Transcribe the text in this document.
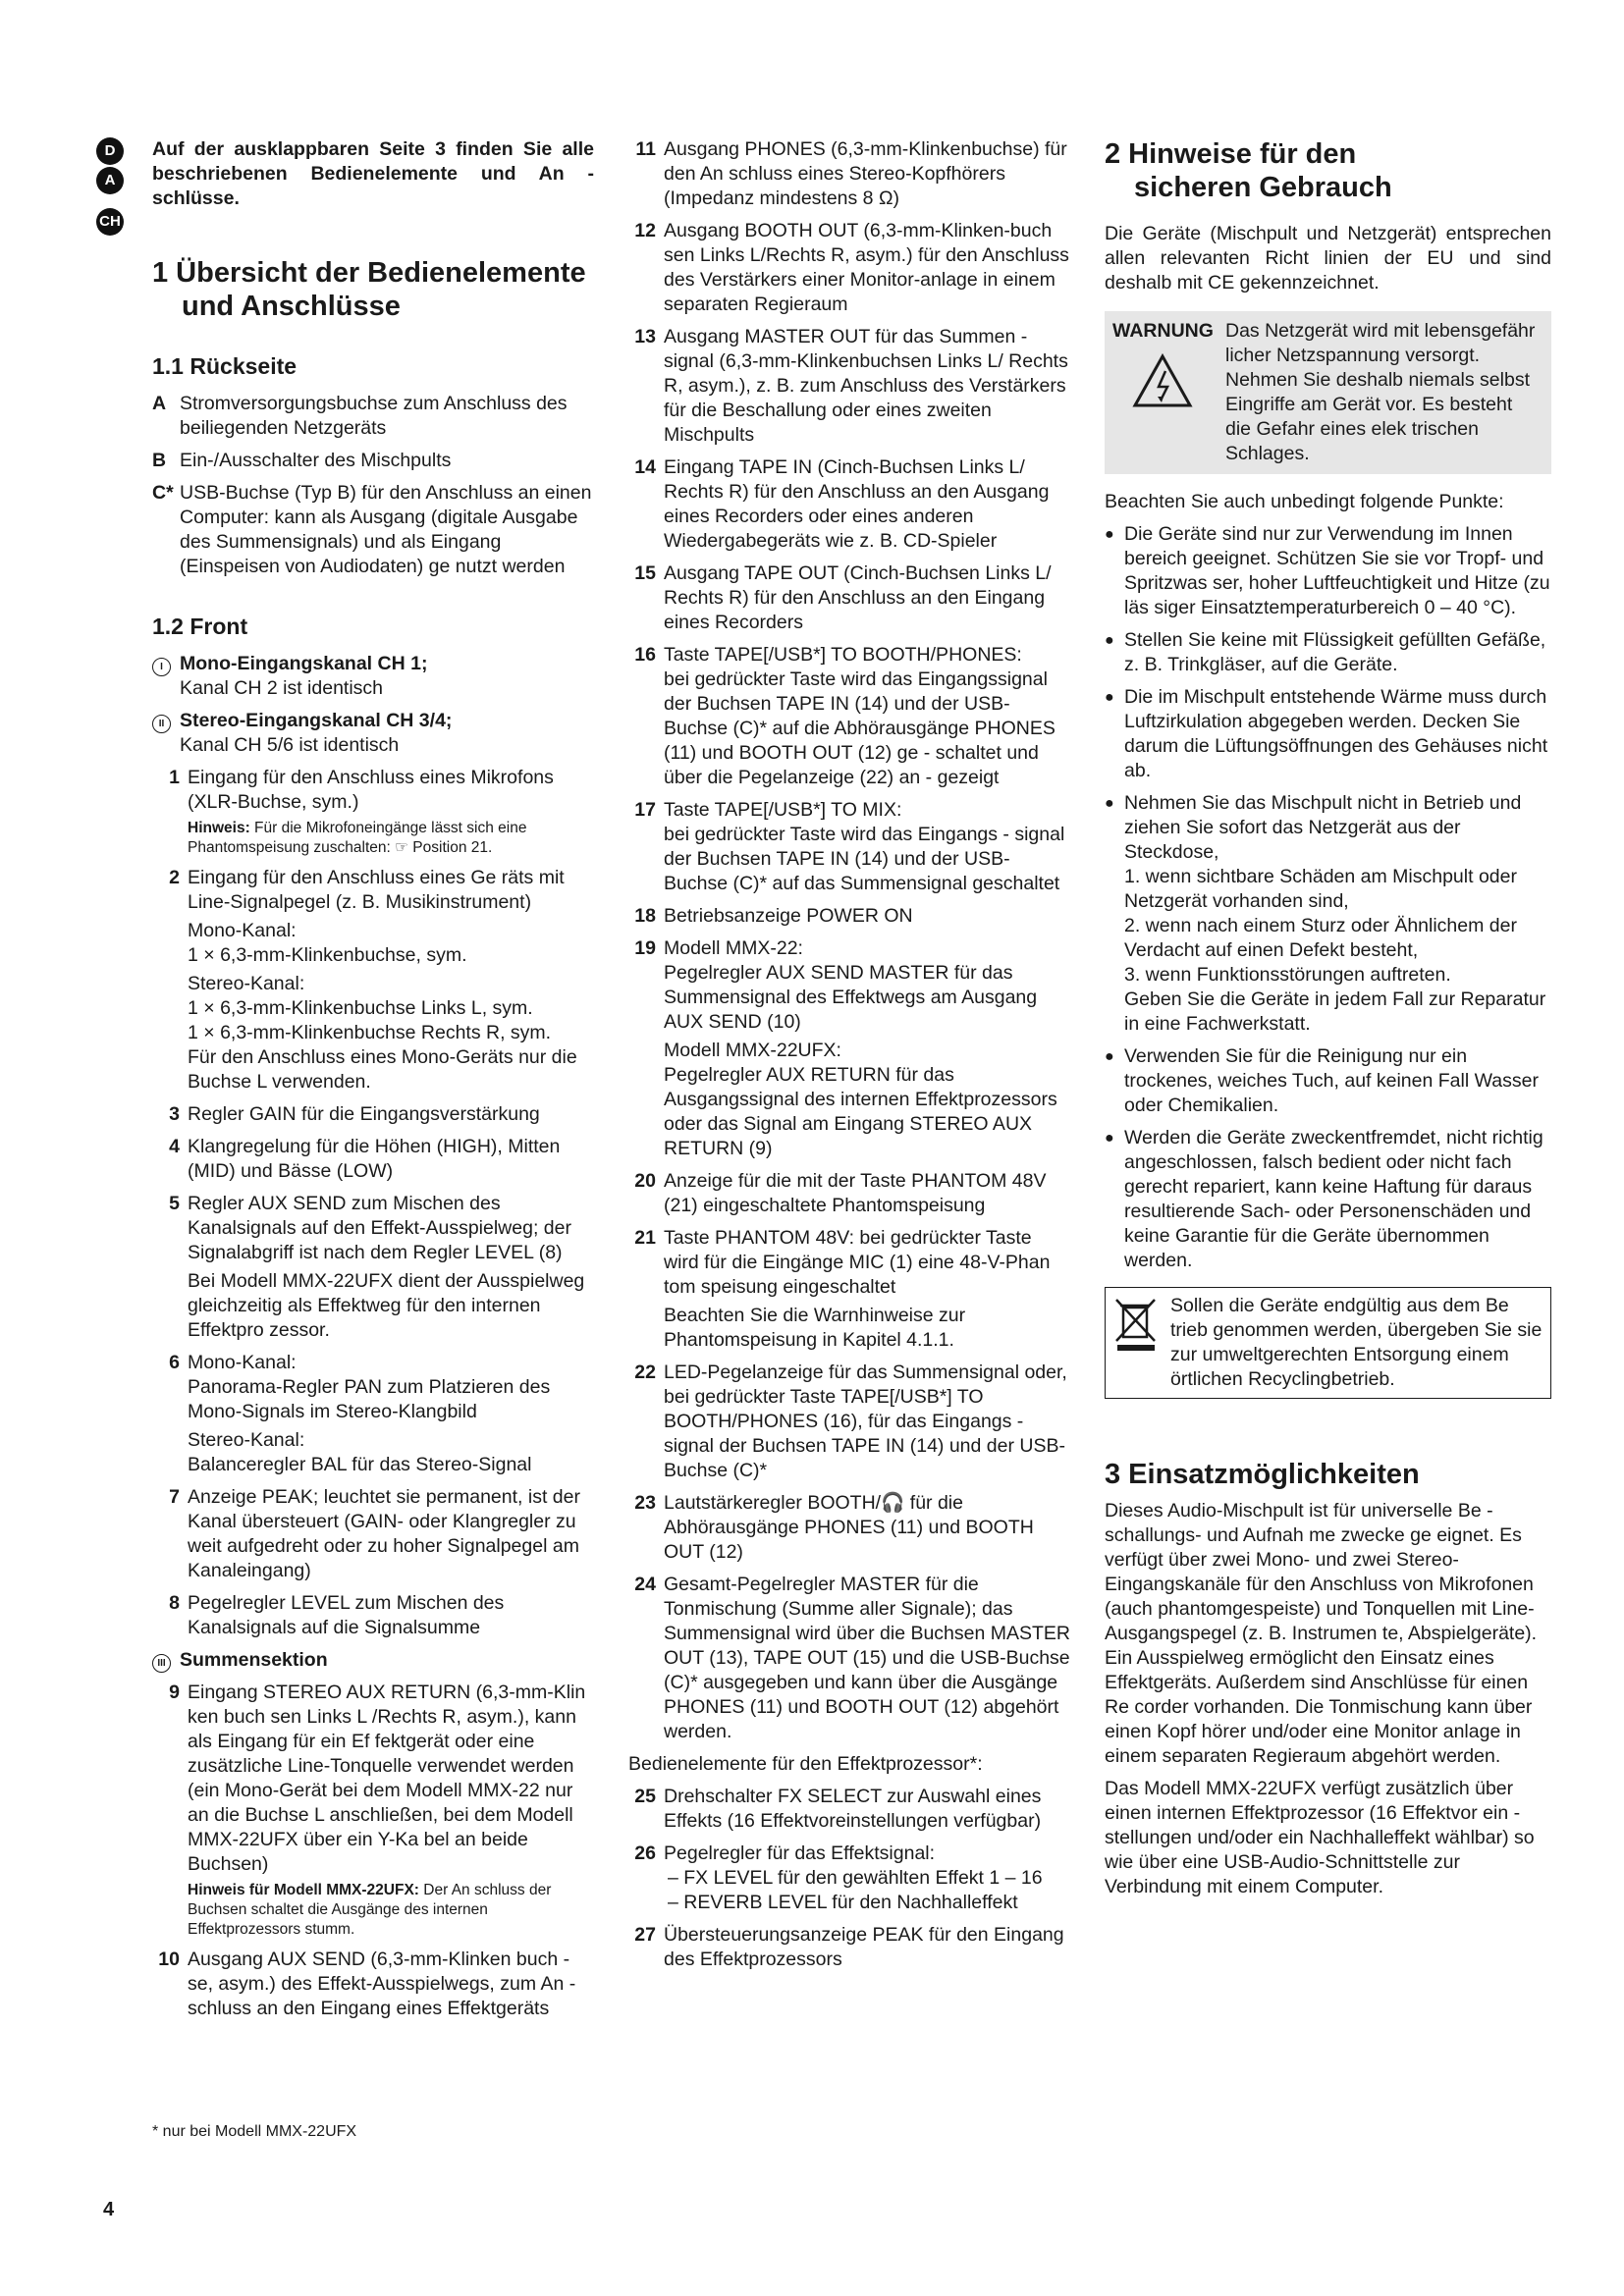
D
A
CH

Auf der ausklappbaren Seite 3 finden Sie alle beschriebenen Bedienelemente und An - schlüsse.

1 Übersicht der Bedienelemente
und Anschlüsse
1.1 Rückseite
A Stromversorgungsbuchse zum Anschluss des beiliegenden Netzgeräts
B Ein-/Ausschalter des Mischpults
C* USB-Buchse (Typ B) für den Anschluss an einen Computer: kann als Ausgang (digitale Ausgabe des Summensignals) und als Eingang (Einspeisen von Audiodaten) ge nutzt werden
1.2 Front
I Mono-Eingangskanal CH 1;
Kanal CH 2 ist identisch
II Stereo-Eingangskanal CH 3/4;
Kanal CH 5/6 ist identisch
1 Eingang für den Anschluss eines Mikrofons (XLR-Buchse, sym.)
Hinweis: Für die Mikrofoneingänge lässt sich eine Phantomspeisung zuschalten: ☞ Position 21.
2 Eingang für den Anschluss eines Ge räts mit Line-Signalpegel (z. B. Musikinstrument)
Mono-Kanal:
1 × 6,3-mm-Klinkenbuchse, sym.
Stereo-Kanal:
1 × 6,3-mm-Klinkenbuchse Links L, sym.
1 × 6,3-mm-Klinkenbuchse Rechts R, sym.
Für den Anschluss eines Mono-Geräts nur die Buchse L verwenden.
3 Regler GAIN für die Eingangsverstärkung
4 Klangregelung für die Höhen (HIGH), Mitten (MID) und Bässe (LOW)
5 Regler AUX SEND zum Mischen des Kanalsignals auf den Effekt-Ausspielweg; der Signalabgriff ist nach dem Regler LEVEL (8)
Bei Modell MMX-22UFX dient der Ausspielweg gleichzeitig als Effektweg für den internen Effektpro zessor.
6 Mono-Kanal:
Panorama-Regler PAN zum Platzieren des Mono-Signals im Stereo-Klangbild
Stereo-Kanal:
Balanceregler BAL für das Stereo-Signal
7 Anzeige PEAK; leuchtet sie permanent, ist der Kanal übersteuert (GAIN- oder Klangregler zu weit aufgedreht oder zu hoher Signalpegel am Kanaleingang)
8 Pegelregler LEVEL zum Mischen des Kanalsignals auf die Signalsumme
III Summensektion
9 Eingang STEREO AUX RETURN (6,3-mm-Klin ken buch sen Links L /Rechts R, asym.), kann als Eingang für ein Ef fektgerät oder eine zusätzliche Line-Tonquelle verwendet werden (ein Mono-Gerät bei dem Modell MMX-22 nur an die Buchse L anschließen, bei dem Modell MMX-22UFX über ein Y-Ka bel an beide Buchsen)
Hinweis für Modell MMX-22UFX: Der An schluss der Buchsen schaltet die Ausgänge des internen Effektprozessors stumm.
10 Ausgang AUX SEND (6,3-mm-Klinken buch - se, asym.) des Effekt-Ausspielwegs, zum An - schluss an den Eingang eines Effektgeräts
11 Ausgang PHONES (6,3-mm-Klinkenbuchse) für den An schluss eines Stereo-Kopfhörers (Impedanz mindestens 8 Ω)
12 Ausgang BOOTH OUT (6,3-mm-Klinken-buch sen Links L/Rechts R, asym.) für den Anschluss des Verstärkers einer Monitor-anlage in einem separaten Regieraum
13 Ausgang MASTER OUT für das Summen - signal (6,3-mm-Klinkenbuchsen Links L/ Rechts R, asym.), z. B. zum Anschluss des Verstärkers für die Beschallung oder eines zweiten Mischpults
14 Eingang TAPE IN (Cinch-Buchsen Links L/ Rechts R) für den Anschluss an den Ausgang eines Recorders oder eines anderen Wiedergabegeräts wie z. B. CD-Spieler
15 Ausgang TAPE OUT (Cinch-Buchsen Links L/ Rechts R) für den Anschluss an den Eingang eines Recorders
16 Taste TAPE[/USB*] TO BOOTH/PHONES:
bei gedrückter Taste wird das Eingangssignal der Buchsen TAPE IN (14) und der USB-Buchse (C)* auf die Abhörausgänge PHONES (11) und BOOTH OUT (12) ge - schaltet und über die Pegelanzeige (22) an - gezeigt
17 Taste TAPE[/USB*] TO MIX:
bei gedrückter Taste wird das Eingangs - signal der Buchsen TAPE IN (14) und der USB-Buchse (C)* auf das Summensignal geschaltet
18 Betriebsanzeige POWER ON
19 Modell MMX-22:
Pegelregler AUX SEND MASTER für das Summensignal des Effektwegs am Ausgang AUX SEND (10)
Modell MMX-22UFX:
Pegelregler AUX RETURN für das Ausgangssignal des internen Effektprozessors oder das Signal am Eingang STEREO AUX RETURN (9)
20 Anzeige für die mit der Taste PHANTOM 48V (21) eingeschaltete Phantomspeisung
21 Taste PHANTOM 48V: bei gedrückter Taste wird für die Eingänge MIC (1) eine 48-V-Phan tom speisung eingeschaltet
Beachten Sie die Warnhinweise zur Phantomspeisung in Kapitel 4.1.1.
22 LED-Pegelanzeige für das Summensignal oder, bei gedrückter Taste TAPE[/USB*] TO BOOTH/PHONES (16), für das Eingangs - signal der Buchsen TAPE IN (14) und der USB-Buchse (C)*
23 Lautstärkeregler BOOTH/🎧 für die Abhörausgänge PHONES (11) und BOOTH OUT (12)
24 Gesamt-Pegelregler MASTER für die Tonmischung (Summe aller Signale); das Summensignal wird über die Buchsen MASTER OUT (13), TAPE OUT (15) und die USB-Buchse (C)* ausgegeben und kann über die Ausgänge PHONES (11) und BOOTH OUT (12) abgehört werden.

Bedienelemente für den Effektprozessor*:

25 Drehschalter FX SELECT zur Auswahl eines Effekts (16 Effektvoreinstellungen verfügbar)
26 Pegelregler für das Effektsignal:
– FX LEVEL für den gewählten Effekt 1 – 16
– REVERB LEVEL für den Nachhalleffekt
27 Übersteuerungsanzeige PEAK für den Eingang des Effektprozessors
2 Hinweise für den
sicheren Gebrauch

Die Geräte (Mischpult und Netzgerät) entsprechen allen relevanten Richt linien der EU und sind deshalb mit CE gekennzeichnet.

WARNUNG Das Netzgerät wird mit lebensgefähr licher Netzspannung versorgt. Nehmen Sie deshalb niemals selbst Eingriffe am Gerät vor. Es besteht die Gefahr eines elek trischen Schlages.

Beachten Sie auch unbedingt folgende Punkte:

● Die Geräte sind nur zur Verwendung im Innen bereich geeignet. Schützen Sie sie vor Tropf- und Spritzwas ser, hoher Luftfeuchtigkeit und Hitze (zu läs siger Einsatztemperaturbereich 0 – 40 °C).
● Stellen Sie keine mit Flüssigkeit gefüllten Gefäße, z. B. Trinkgläser, auf die Geräte.
● Die im Mischpult entstehende Wärme muss durch Luftzirkulation abgegeben werden. Decken Sie darum die Lüftungsöffnungen des Gehäuses nicht ab.
● Nehmen Sie das Mischpult nicht in Betrieb und ziehen Sie sofort das Netzgerät aus der Steckdose,
1. wenn sichtbare Schäden am Mischpult oder Netzgerät vorhanden sind,
2. wenn nach einem Sturz oder Ähnlichem der Verdacht auf einen Defekt besteht,
3. wenn Funktionsstörungen auftreten.
Geben Sie die Geräte in jedem Fall zur Reparatur in eine Fachwerkstatt.
● Verwenden Sie für die Reinigung nur ein trockenes, weiches Tuch, auf keinen Fall Wasser oder Chemikalien.
● Werden die Geräte zweckentfremdet, nicht richtig angeschlossen, falsch bedient oder nicht fach gerecht repariert, kann keine Haftung für daraus resultierende Sach- oder Personenschäden und keine Garantie für die Geräte übernommen werden.
Sollen die Geräte endgültig aus dem Be trieb genommen werden, übergeben Sie sie zur umweltgerechten Entsorgung einem örtlichen Recyclingbetrieb.
3 Einsatzmöglichkeiten

Dieses Audio-Mischpult ist für universelle Be - schallungs- und Aufnah me zwecke ge eignet. Es verfügt über zwei Mono- und zwei Stereo-Eingangskanäle für den Anschluss von Mikrofonen (auch phantomgespeiste) und Tonquellen mit Line-Ausgangspegel (z. B. Instrumen te, Abspielgeräte). Ein Ausspielweg ermöglicht den Einsatz eines Effektgeräts. Außerdem sind Anschlüsse für einen Re corder vorhanden. Die Tonmischung kann über einen Kopf hörer und/oder eine Monitor anlage in einem separaten Regieraum abgehört werden.

Das Modell MMX-22UFX verfügt zusätzlich über einen internen Effektprozessor (16 Effektvor ein - stellungen und/oder ein Nachhalleffekt wählbar) so wie über eine USB-Audio-Schnittstelle zur Verbindung mit einem Computer.

* nur bei Modell MMX-22UFX
4
